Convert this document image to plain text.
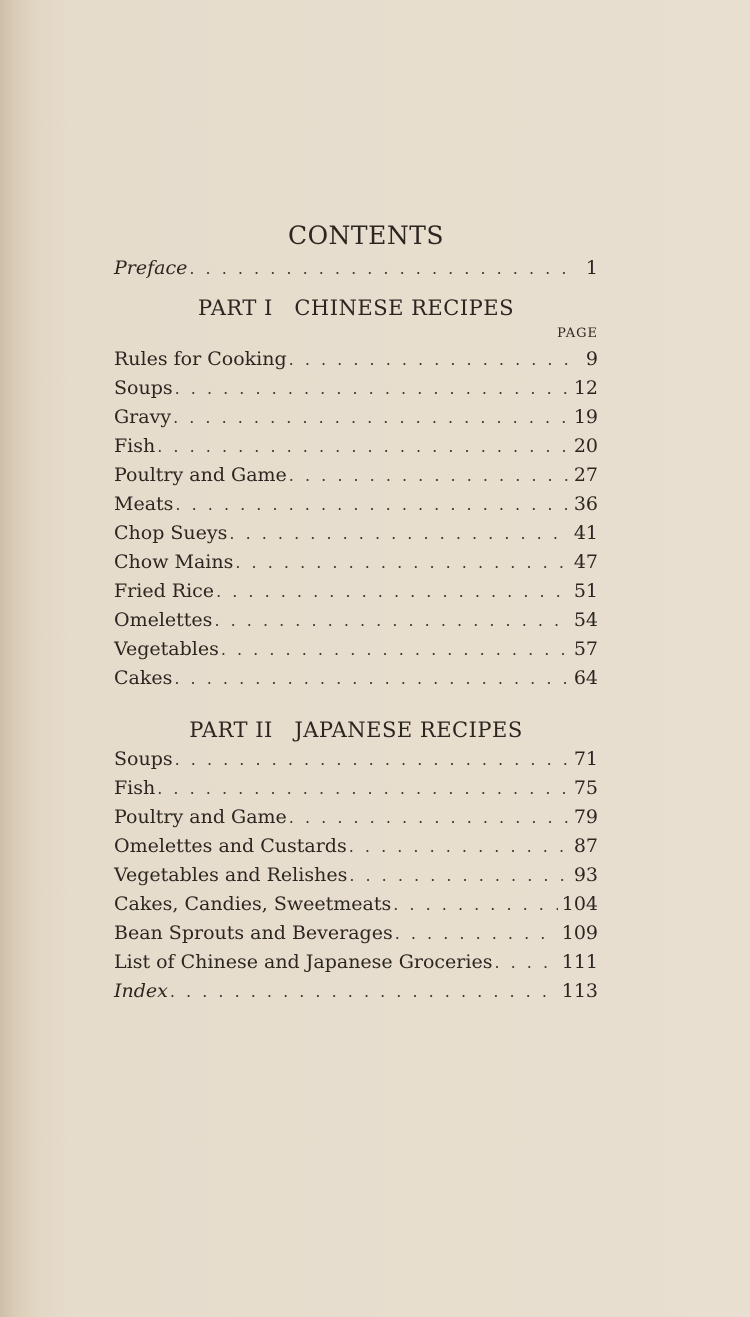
CONTENTS
Preface . . .	1
PART I   CHINESE RECIPES
PAGE
Rules for Cooking . . .	9
Soups . . .	12
Gravy . . .	19
Fish . . .	20
Poultry and Game . . .	27
Meats . . .	36
Chop Sueys . . .	41
Chow Mains . . .	47
Fried Rice . . .	51
Omelettes . . .	54
Vegetables . . .	57
Cakes . . .	64
PART II   JAPANESE RECIPES
Soups . . .	71
Fish . . .	75
Poultry and Game . . .	79
Omelettes and Custards . . .	87
Vegetables and Relishes . . .	93
Cakes, Candies, Sweetmeats . . .	104
Bean Sprouts and Beverages . . .	109
List of Chinese and Japanese Groceries . . .	111
Index . . .	113
